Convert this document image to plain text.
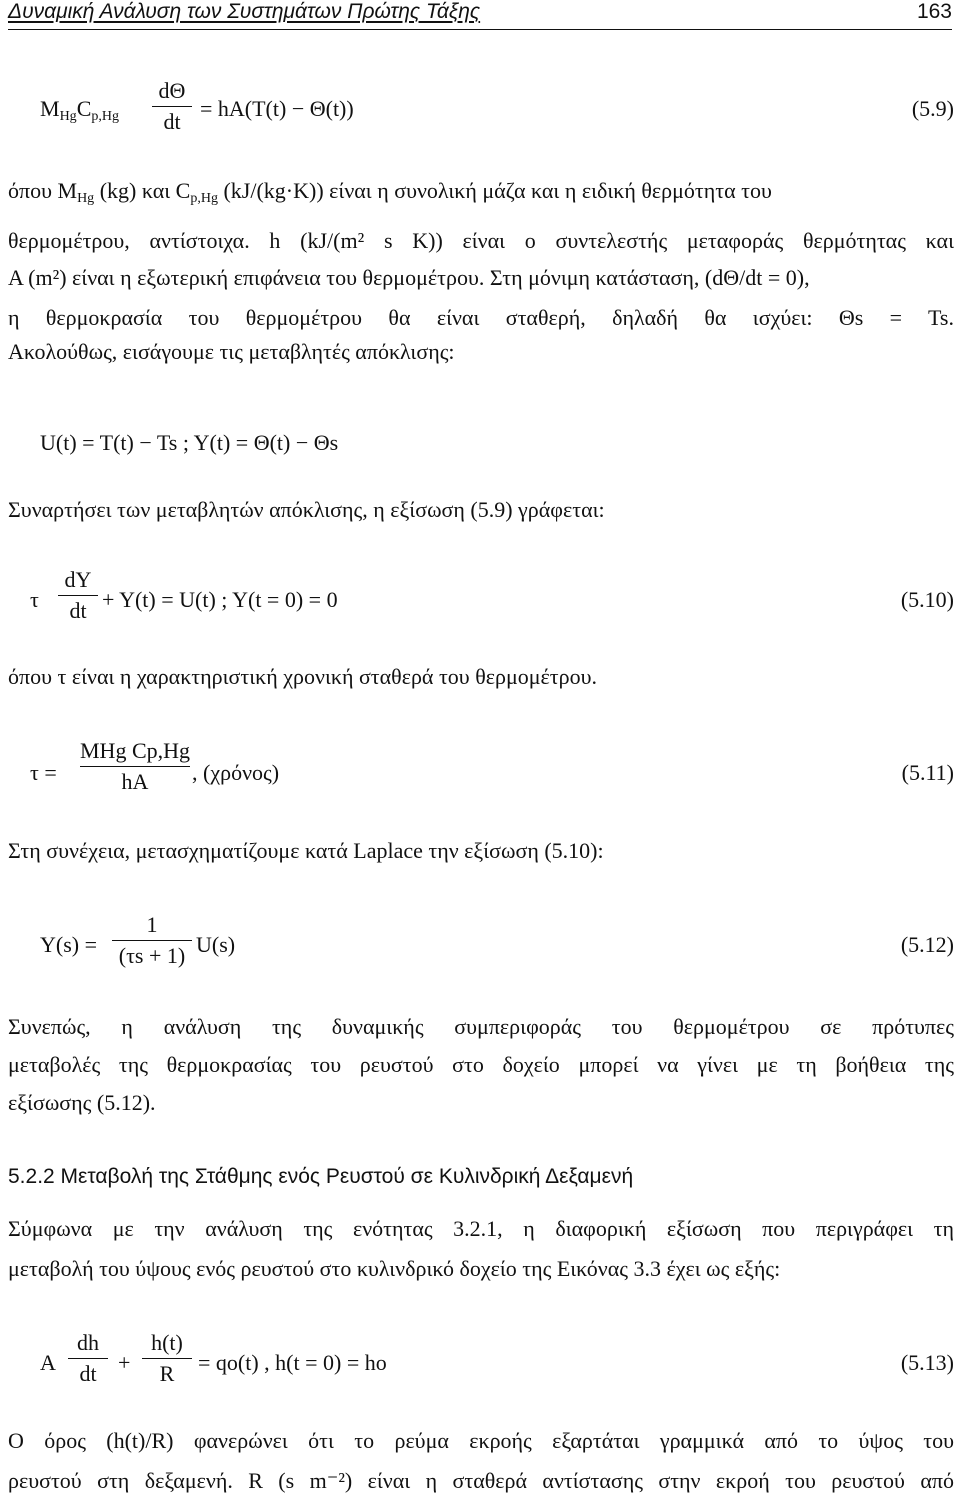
Δυναμική Ανάλυση των Συστημάτων Πρώτης Τάξης	163
$M_{Hg}C_{p,Hg}$
dΘ
dt
= hA(T(t) − Θ(t))	(5.9)
όπου $M_{Hg}$ (kg) και $C_{p,Hg}$ (kJ/(kg·K)) είναι η συνολική μάζα και η ειδική θερμότητα του
θερμομέτρου, αντίστοιχα. h (kJ/(m² s K)) είναι ο συντελεστής μεταφοράς θερμότητας και
A (m²) είναι η εξωτερική επιφάνεια του θερμομέτρου. Στη μόνιμη κατάσταση, (dΘ/dt = 0),
η θερμοκρασία του θερμομέτρου θα είναι σταθερή, δηλαδή θα ισχύει: Θs = Ts.
Ακολούθως, εισάγουμε τις μεταβλητές απόκλισης:
U(t) = T(t) − Ts ; Y(t) = Θ(t) − Θs
Συναρτήσει των μεταβλητών απόκλισης, η εξίσωση (5.9) γράφεται:
τ
dY
dt + Y(t) = U(t) ; Y(t = 0) = 0	(5.10)
όπου τ είναι η χαρακτηριστική χρονική σταθερά του θερμομέτρου.
τ =
MHg Cp,Hg
hA , (χρόνος)	(5.11)
Στη συνέχεια, μετασχηματίζουμε κατά Laplace την εξίσωση (5.10):
Y(s) =
1
(τs + 1) U(s)	(5.12)
Συνεπώς, η ανάλυση της δυναμικής συμπεριφοράς του θερμομέτρου σε πρότυπες
μεταβολές της θερμοκρασίας του ρευστού στο δοχείο μπορεί να γίνει με τη βοήθεια της
εξίσωσης (5.12).
5.2.2 Μεταβολή της Στάθμης ενός Ρευστού σε Κυλινδρική Δεξαμενή
Σύμφωνα με την ανάλυση της ενότητας 3.2.1, η διαφορική εξίσωση που περιγράφει τη
μεταβολή του ύψους ενός ρευστού στο κυλινδρικό δοχείο της Εικόνας 3.3 έχει ως εξής:
A
dh
dt +
h(t)
R = qo(t) , h(t = 0) = ho	(5.13)
Ο όρος (h(t)/R) φανερώνει ότι το ρεύμα εκροής εξαρτάται γραμμικά από το ύψος του
ρευστού στη δεξαμενή. R (s m⁻²) είναι η σταθερά αντίστασης στην εκροή του ρευστού από
